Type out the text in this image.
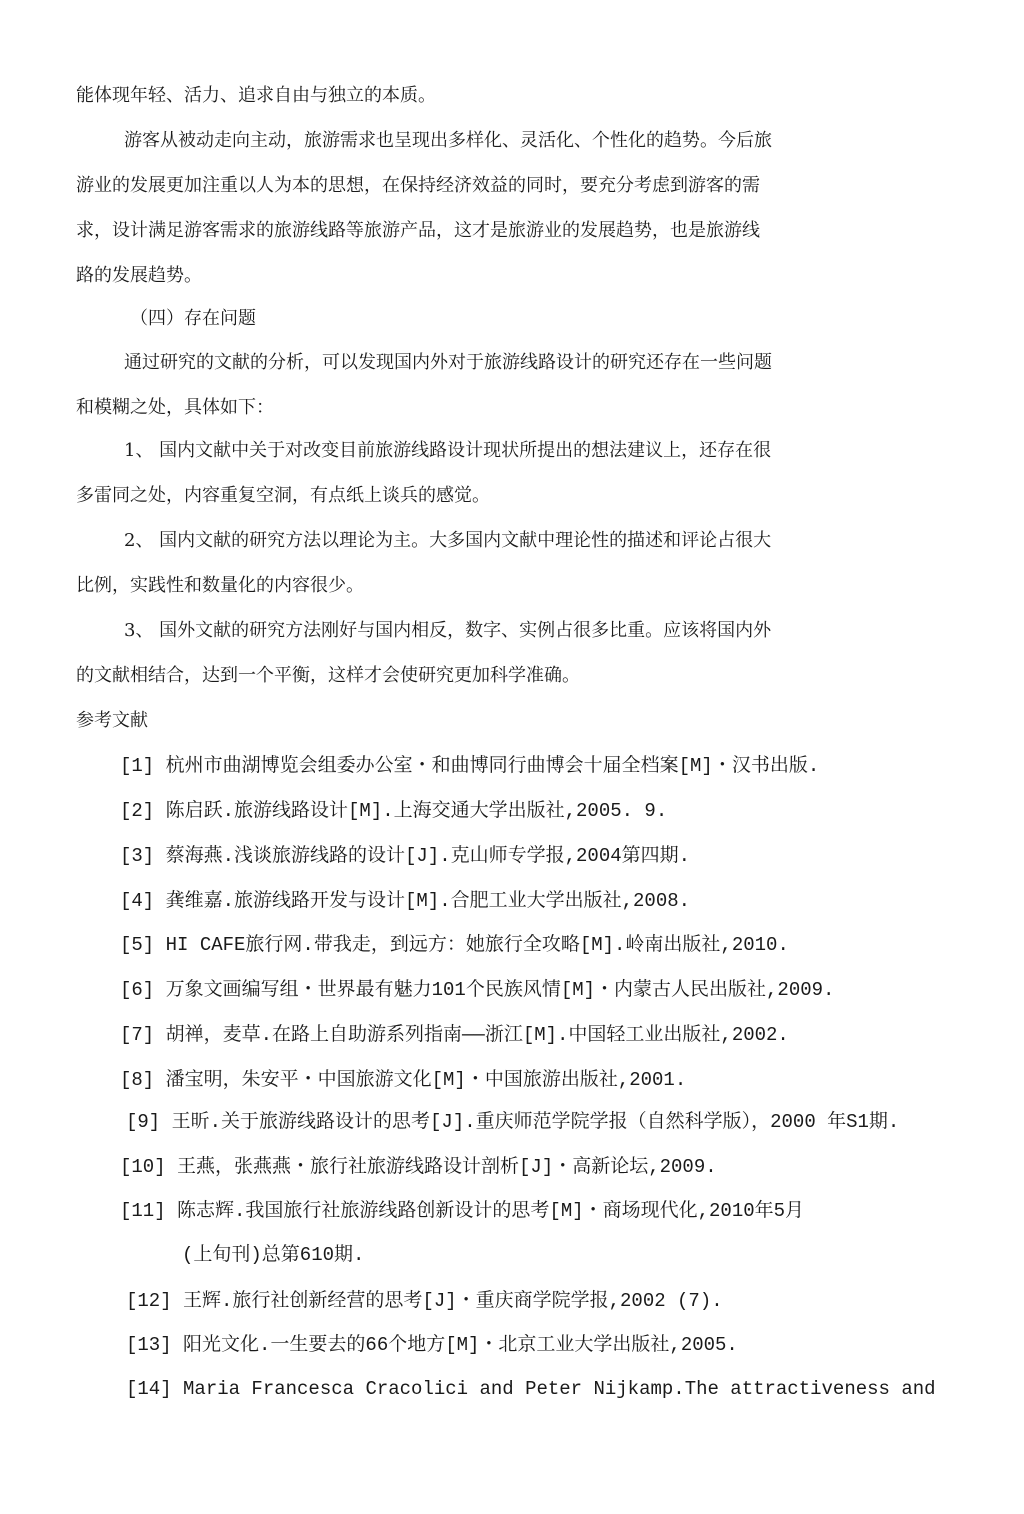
能体现年轻、活力、追求自由与独立的本质。
游客从被动走向主动，旅游需求也呈现出多样化、灵活化、个性化的趋势。今后旅
游业的发展更加注重以人为本的思想，在保持经济效益的同时，要充分考虑到游客的需
求，设计满足游客需求的旅游线路等旅游产品，这才是旅游业的发展趋势，也是旅游线
路的发展趋势。
（四）存在问题
通过研究的文献的分析，可以发现国内外对于旅游线路设计的研究还存在一些问题
和模糊之处，具体如下：
1、 国内文献中关于对改变目前旅游线路设计现状所提出的想法建议上，还存在很
多雷同之处，内容重复空洞，有点纸上谈兵的感觉。
2、 国内文献的研究方法以理论为主。大多国内文献中理论性的描述和评论占很大
比例，实践性和数量化的内容很少。
3、 国外文献的研究方法刚好与国内相反，数字、实例占很多比重。应该将国内外
的文献相结合，达到一个平衡，这样才会使研究更加科学准确。
参考文献
[1] 杭州市曲湖博览会组委办公室・和曲博同行曲博会十届全档案[M]・汉书出版.
[2] 陈启跃.旅游线路设计[M].上海交通大学出版社,2005. 9.
[3] 蔡海燕.浅谈旅游线路的设计[J].克山师专学报,2004第四期.
[4] 龚维嘉.旅游线路开发与设计[M].合肥工业大学出版社,2008.
[5] HI CAFE旅行网.带我走，到远方：她旅行全攻略[M].岭南出版社,2010.
[6] 万象文画编写组・世界最有魅力101个民族风情[M]・内蒙古人民出版社,2009.
[7] 胡禅，麦草.在路上自助游系列指南——浙江[M].中国轻工业出版社,2002.
[8] 潘宝明，朱安平・中国旅游文化[M]・中国旅游出版社,2001.
[9] 王昕.关于旅游线路设计的思考[J].重庆师范学院学报（自然科学版），2000 年S1期.
[10] 王燕，张燕燕・旅行社旅游线路设计剖析[J]・高新论坛,2009.
[11] 陈志辉.我国旅行社旅游线路创新设计的思考[M]・商场现代化,2010年5月
(上旬刊)总第610期.
[12] 王辉.旅行社创新经营的思考[J]・重庆商学院学报,2002 (7).
[13] 阳光文化.一生要去的66个地方[M]・北京工业大学出版社,2005.
[14] Maria Francesca Cracolici and Peter Nijkamp.The attractiveness and
